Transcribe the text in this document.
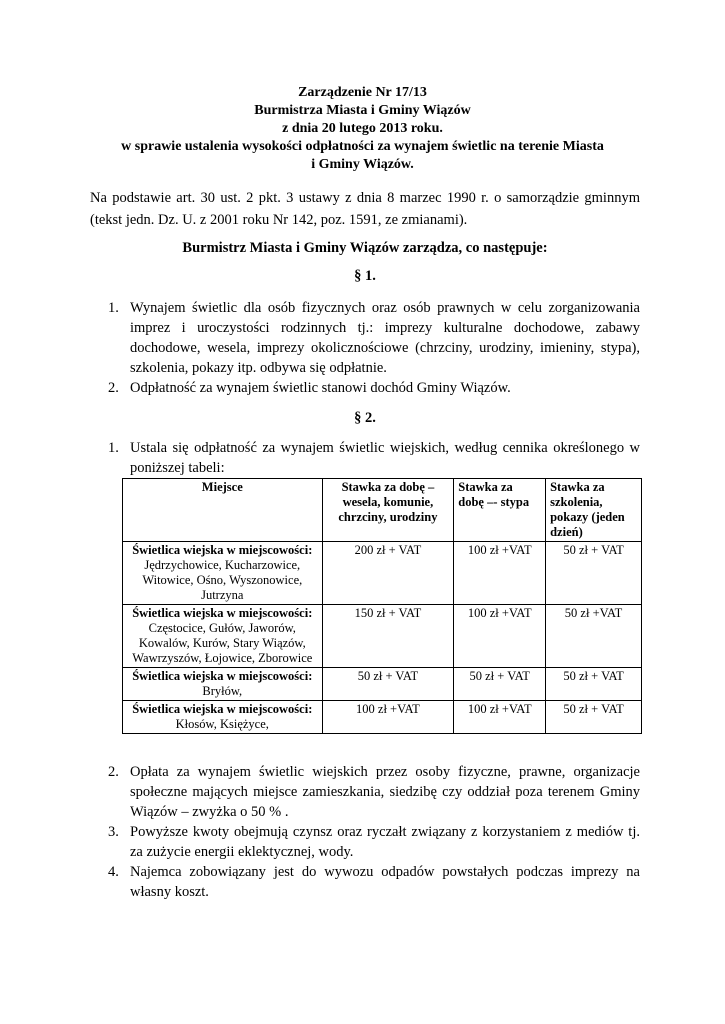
Zarządzenie Nr 17/13
Burmistrza Miasta i Gminy Wiązów
z dnia 20 lutego 2013 roku.
w sprawie ustalenia wysokości odpłatności za wynajem świetlic na terenie Miasta
i Gminy Wiązów.
Na podstawie art. 30 ust. 2 pkt. 3 ustawy z dnia 8 marzec 1990 r. o samorządzie gminnym (tekst jedn. Dz. U. z 2001 roku Nr 142, poz. 1591, ze zmianami).
Burmistrz Miasta i Gminy Wiązów zarządza, co następuje:
§ 1.
1. Wynajem świetlic dla osób fizycznych oraz osób prawnych w celu zorganizowania imprez i uroczystości rodzinnych tj.: imprezy kulturalne dochodowe, zabawy dochodowe, wesela, imprezy okolicznościowe (chrzciny, urodziny, imieniny, stypa), szkolenia, pokazy itp. odbywa się odpłatnie.
2. Odpłatność za wynajem świetlic stanowi dochód Gminy Wiązów.
§ 2.
1. Ustala się odpłatność za wynajem świetlic wiejskich, według cennika określonego w poniższej tabeli:
Miejsce	Stawka za dobę – wesela, komunie, chrzciny, urodziny	Stawka za dobę –- stypa	Stawka za szkolenia, pokazy (jeden dzień)
Świetlica wiejska w miejscowości: Jędrzychowice, Kucharzowice, Witowice, Ośno, Wyszonowice, Jutrzyna	200 zł + VAT	100 zł +VAT	50 zł + VAT
Świetlica wiejska w miejscowości: Częstocice, Gułów, Jaworów, Kowalów, Kurów, Stary Wiązów, Wawrzyszów, Łojowice, Zborowice	150 zł + VAT	100 zł +VAT	50 zł +VAT
Świetlica wiejska w miejscowości: Bryłów,	50 zł + VAT	50 zł + VAT	50 zł + VAT
Świetlica wiejska w miejscowości: Kłosów, Księżyce,	100 zł +VAT	100 zł +VAT	50 zł + VAT
2. Opłata za wynajem świetlic wiejskich przez osoby fizyczne, prawne, organizacje społeczne mających miejsce zamieszkania, siedzibę czy oddział poza terenem Gminy Wiązów – zwyżka o 50 % .
3. Powyższe kwoty obejmują czynsz oraz ryczałt związany z korzystaniem z mediów tj. za zużycie energii eklektycznej, wody.
4. Najemca zobowiązany jest do wywozu odpadów powstałych podczas imprezy na własny koszt.
